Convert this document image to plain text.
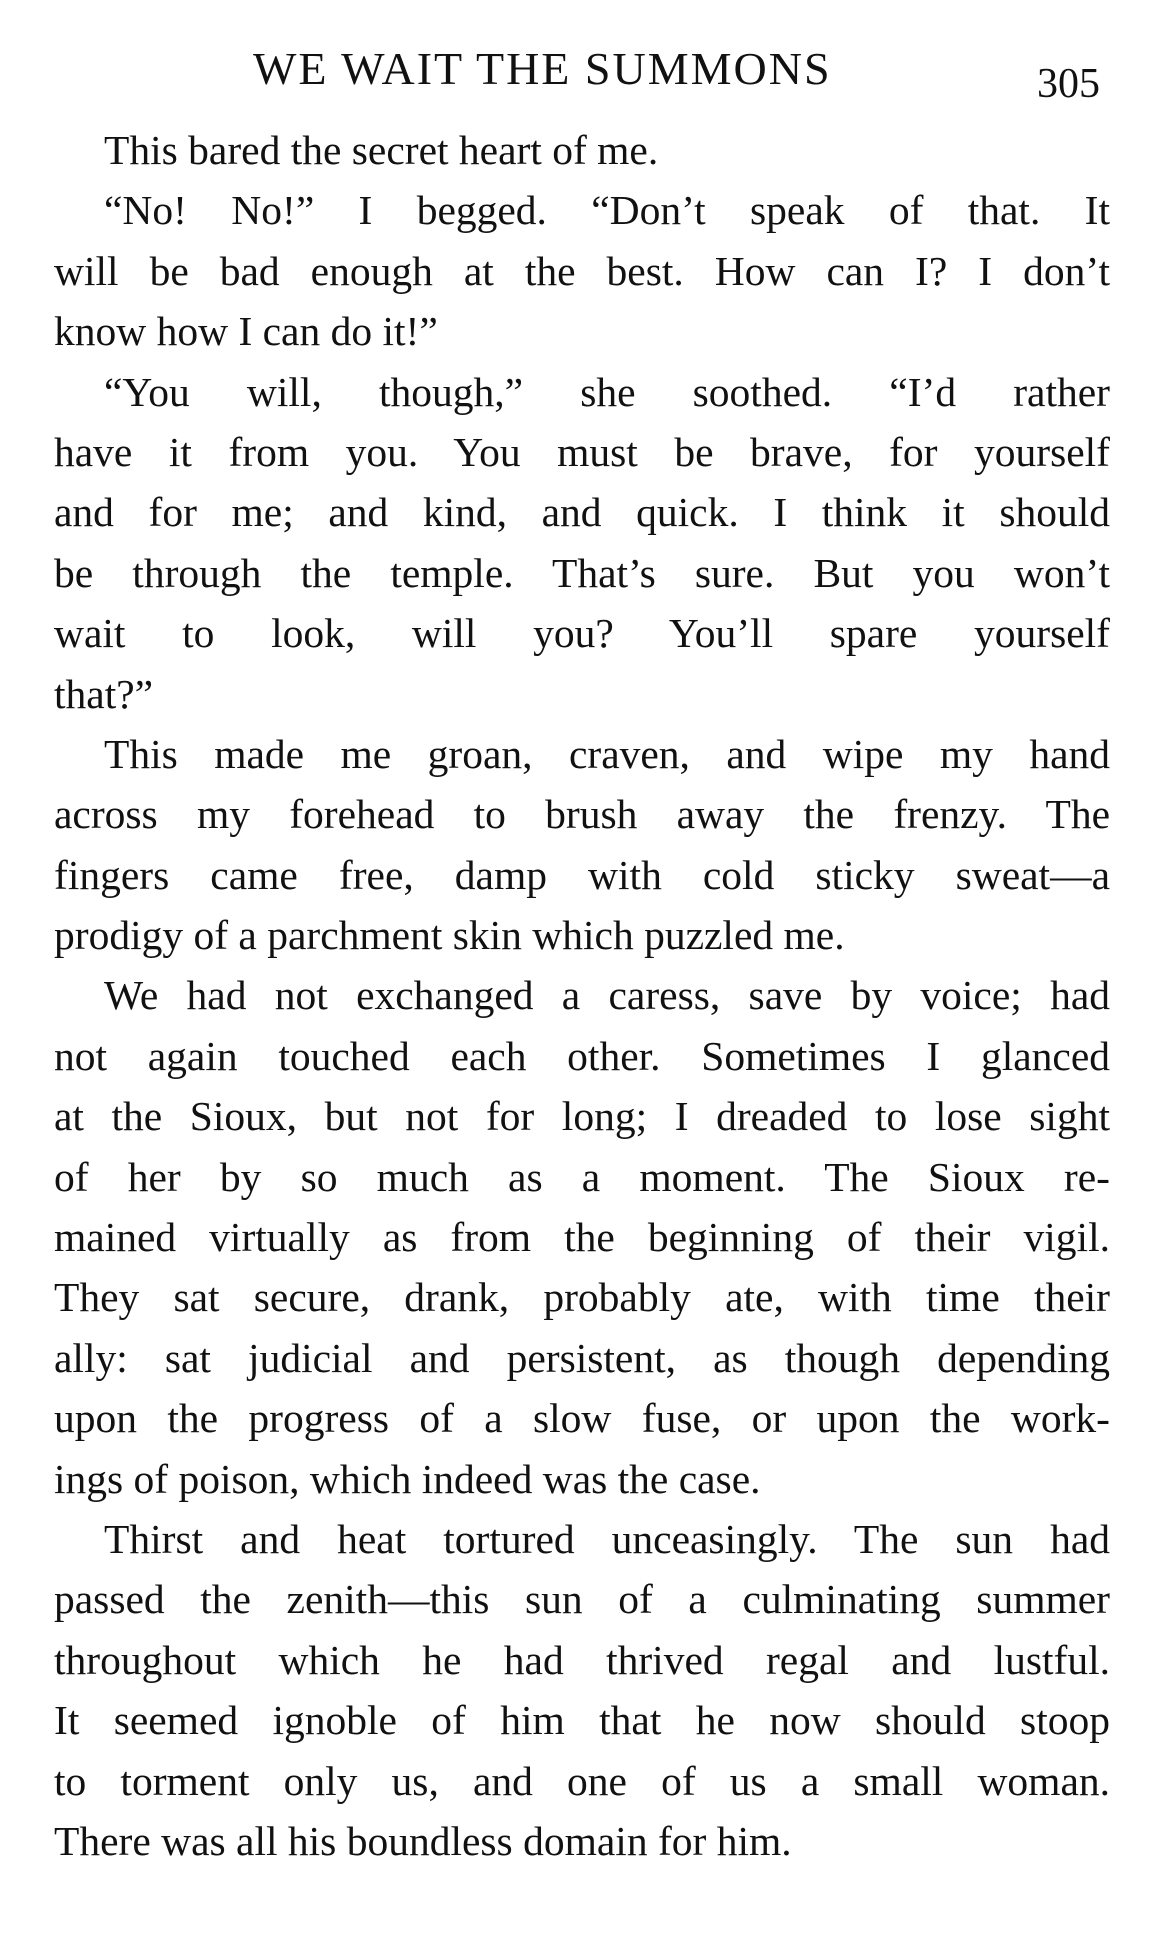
WE WAIT THE SUMMONS	305
This bared the secret heart of me.
“No! No!” I begged. “Don’t speak of that. It
will be bad enough at the best. How can I? I don’t
know how I can do it!”
“You will, though,” she soothed. “I’d rather
have it from you. You must be brave, for yourself
and for me; and kind, and quick. I think it should
be through the temple. That’s sure. But you won’t
wait to look, will you? You’ll spare yourself
that?”
This made me groan, craven, and wipe my hand
across my forehead to brush away the frenzy. The
fingers came free, damp with cold sticky sweat—a
prodigy of a parchment skin which puzzled me.
We had not exchanged a caress, save by voice; had
not again touched each other. Sometimes I glanced
at the Sioux, but not for long; I dreaded to lose sight
of her by so much as a moment. The Sioux re-
mained virtually as from the beginning of their vigil.
They sat secure, drank, probably ate, with time their
ally: sat judicial and persistent, as though depending
upon the progress of a slow fuse, or upon the work-
ings of poison, which indeed was the case.
Thirst and heat tortured unceasingly. The sun had
passed the zenith—this sun of a culminating summer
throughout which he had thrived regal and lustful.
It seemed ignoble of him that he now should stoop
to torment only us, and one of us a small woman.
There was all his boundless domain for him.
